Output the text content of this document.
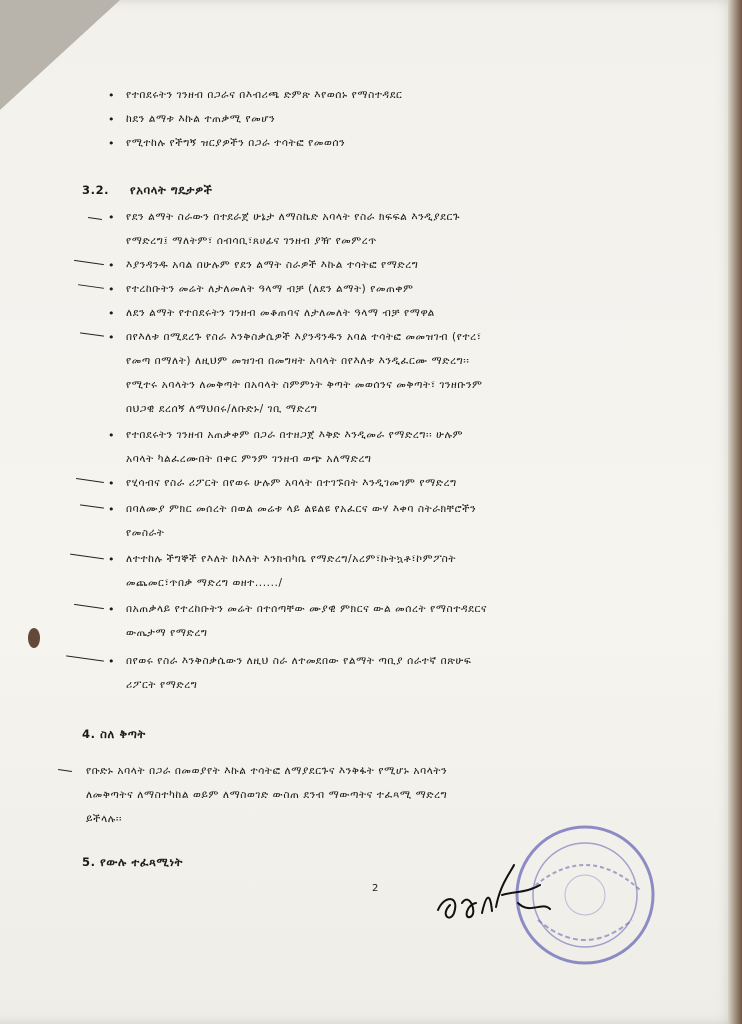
• የተበደሩትን ገንዘብ በጋራና በእብሪጫ ድምጽ እየወሰኑ የማስተዳደር
• ከደን ልማቱ እኩል ተጠቃሚ የመሆን
• የሚተከሉ የችግኝ ዝርያዎችን በጋራ ተሳትፎ የመወሰን
3.2. የአባላት ግዴታዎች
• የደን ልማት ስራውን በተደራጀ ሁኔታ ለማስኬድ አባላት የስራ ክፍፍል እንዲያደርጉ
የማድረግ፤ ማለትም፣ ሰብሳቢ፣ጸሀፊና ገንዘብ ያዥ የመምረጥ
• እያንዳንዱ አባል በሁሉም የደን ልማት ስራዎች እኩል ተሳትፎ የማድረግ
• የተረከቡትን መሬት ለታለመለት ዓላማ ብቻ (ለደን ልማት) የመጠቀም
• ለደን ልማት የተበደሩትን ገንዘብ መቆጠባና ለታለመለት ዓላማ ብቻ የማዋል
• በየእለቱ በሚደረጉ የስራ እንቅስቃሴዎች እያንዳንዱን አባል ተሳትፎ መመዝገብ (የተረ፣
የመጣ በማለት) ለዚህም መዝገብ በመግዛት አባላት በየእለቱ እንዲፈርሙ ማድረግ፡፡
የሚተሩ አባላትን ለመቅጣት በአባላት ስምምነት ቅጣት መወሰንና መቅጣት፣ ገንዘቡንም
በህጋዊ ደረሰኝ ለማህበሩ/ለቡድኑ/ ገቢ ማድረግ
• የተበደሩትን ገንዘብ አጠቃቀም በጋራ በተዘጋጀ እቅድ እንዲመራ የማድረግ፡፡ ሁሉም
አባላት ካልፈረሙበት በቀር ምንም ገንዘብ ወጭ አለማድረግ
• የሂሳብና የስራ ሪፖርት በየወሩ ሁሉም አባላት በተገኙበት እንዲገመገም የማድረግ
• በባለሙያ ምክር መሰረት በወል መሬቱ ላይ ልዩልዩ የአፈርና ውሃ እቀባ ስትራክቸሮችን
የመስራት
• ለተተከሉ ችግኞች የእለት ከእለት እንክብካቤ የማድረግ/አረም፣ኩትኳቶ፣ኮምፖስት
መጨመር፣ጥበቃ ማድረግ ወዘተ....../
• በአጠቃላይ የተረከቡትን መሬት በተሰጣቸው ሙያዊ ምክርና ውል መሰረት የማስተዳደርና
ውጤታማ የማድረግ
• በየወሩ የስራ እንቅስቃሴውን ለዚህ ስራ ለተመደበው የልማት ጣቢያ ሰራተኛ በጽሁፍ
ሪፖርት የማድረግ
4. ስለ ቅጣት
የቡድኑ አባላት በጋራ በመወያየት እኩል ተሳትፎ ለማያደርጉና እንቅፋት የሚሆኑ አባላትን
ለመቅጣትና ለማስተካከል ወይም ለማስወገድ ውስጠ ደንብ ማውጣትና ተፈጻሚ ማድረግ
ይችላሉ፡፡
5. የውሉ ተፈጻሚነት
2
